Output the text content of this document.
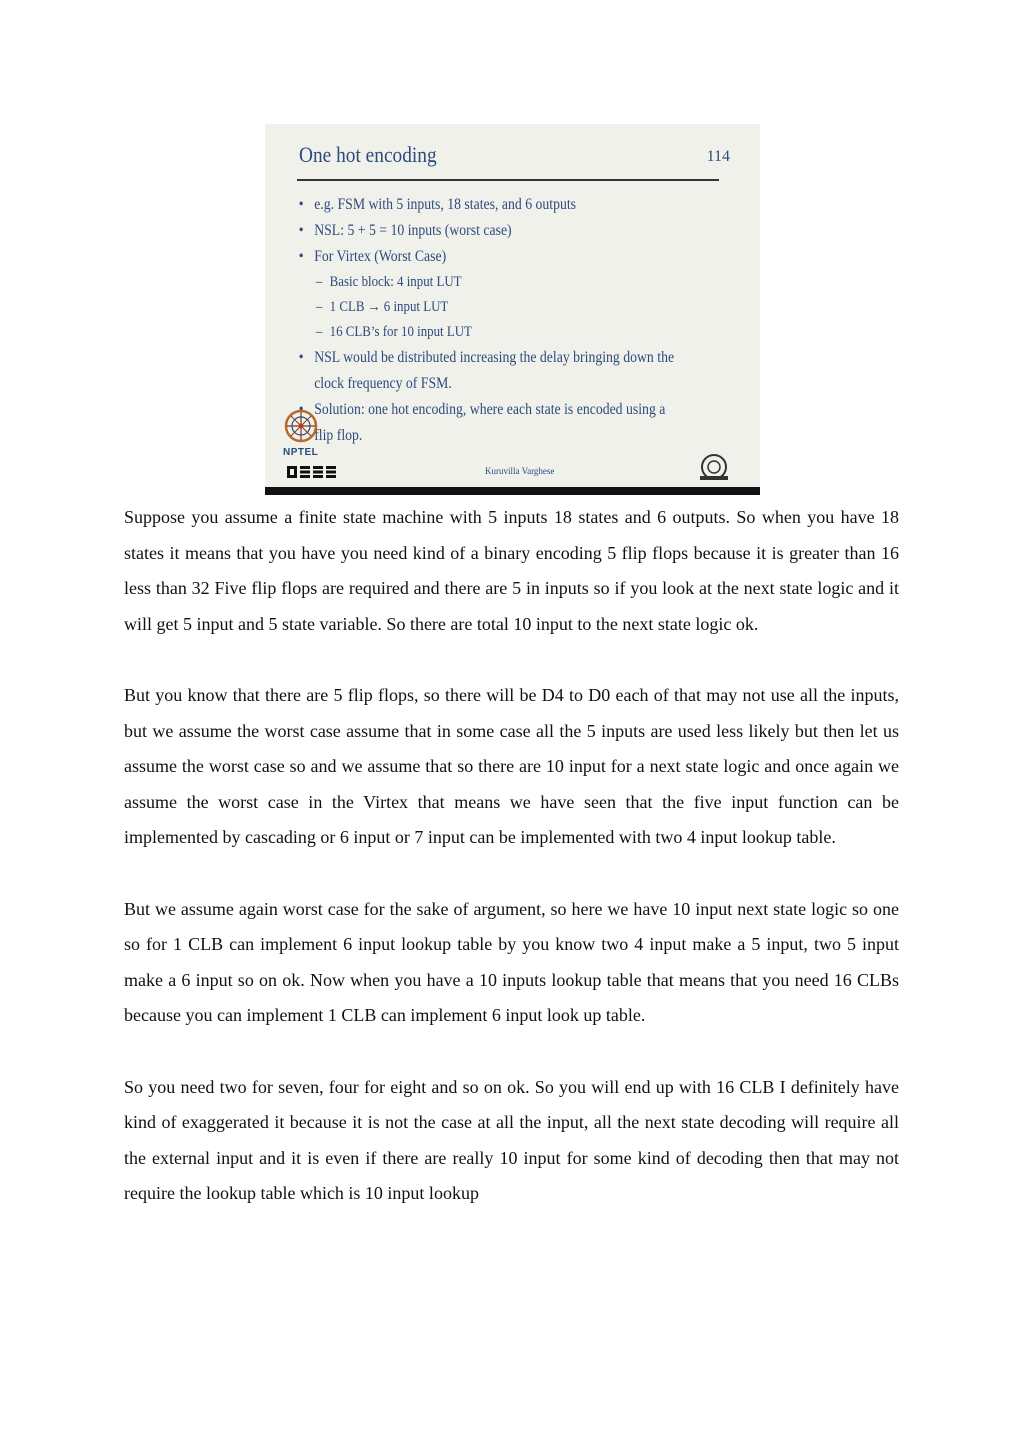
One hot encoding	114
• e.g. FSM with 5 inputs, 18 states, and 6 outputs
• NSL: 5 + 5 = 10 inputs (worst case)
• For Virtex (Worst Case)
– Basic block: 4 input LUT
– 1 CLB → 6 input LUT
– 16 CLB’s for 10 input LUT
• NSL would be distributed increasing the delay bringing down the
clock frequency of FSM.
• Solution: one hot encoding, where each state is encoded using a
flip flop.
NPTEL
Kuruvilla Varghese

Suppose you assume a finite state machine with 5 inputs 18 states and 6 outputs. So when you have 18 states it means that you have you need kind of a binary encoding 5 flip flops because it is greater than 16 less than 32 Five flip flops are required and there are 5 in inputs so if you look at the next state logic and it will get 5 input and 5 state variable. So there are total 10 input to the next state logic ok.

But you know that there are 5 flip flops, so there will be D4 to D0 each of that may not use all the inputs, but we assume the worst case assume that in some case all the 5 inputs are used less likely but then let us assume the worst case so and we assume that so there are 10 input for a next state logic and once again we assume the worst case in the Virtex that means we have seen that the five input function can be implemented by cascading or 6 input or 7 input can be implemented with two 4 input lookup table.

But we assume again worst case for the sake of argument, so here we have 10 input next state logic so one so for 1 CLB can implement 6 input lookup table by you know two 4 input make a 5 input, two 5 input make a 6 input so on ok. Now when you have a 10 inputs lookup table that means that you need 16 CLBs because you can implement 1 CLB can implement 6 input look up table.

So you need two for seven, four for eight and so on ok. So you will end up with 16 CLB I definitely have kind of exaggerated it because it is not the case at all the input, all the next state decoding will require all the external input and it is even if there are really 10 input for some kind of decoding then that may not require the lookup table which is 10 input lookup
